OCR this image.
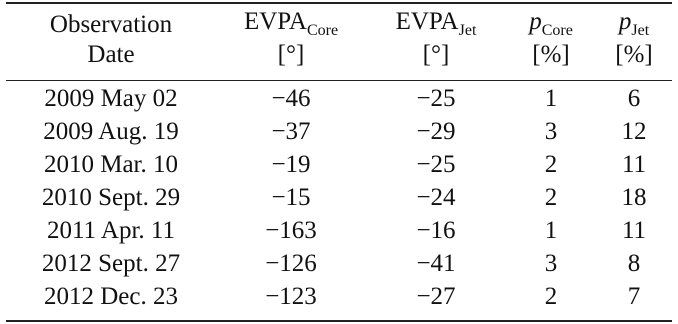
Observation	$EVPA_{Core}$	$EVPA_{Jet}$	$p_{Core}$	$p_{Jet}$
Date	[°]	[°]	[%]	[%]

2009 May 02	−46	−25	1	6
2009 Aug. 19	−37	−29	3	12
2010 Mar. 10	−19	−25	2	11
2010 Sept. 29	−15	−24	2	18
2011 Apr. 11	−163	−16	1	11
2012 Sept. 27	−126	−41	3	8
2012 Dec. 23	−123	−27	2	7
